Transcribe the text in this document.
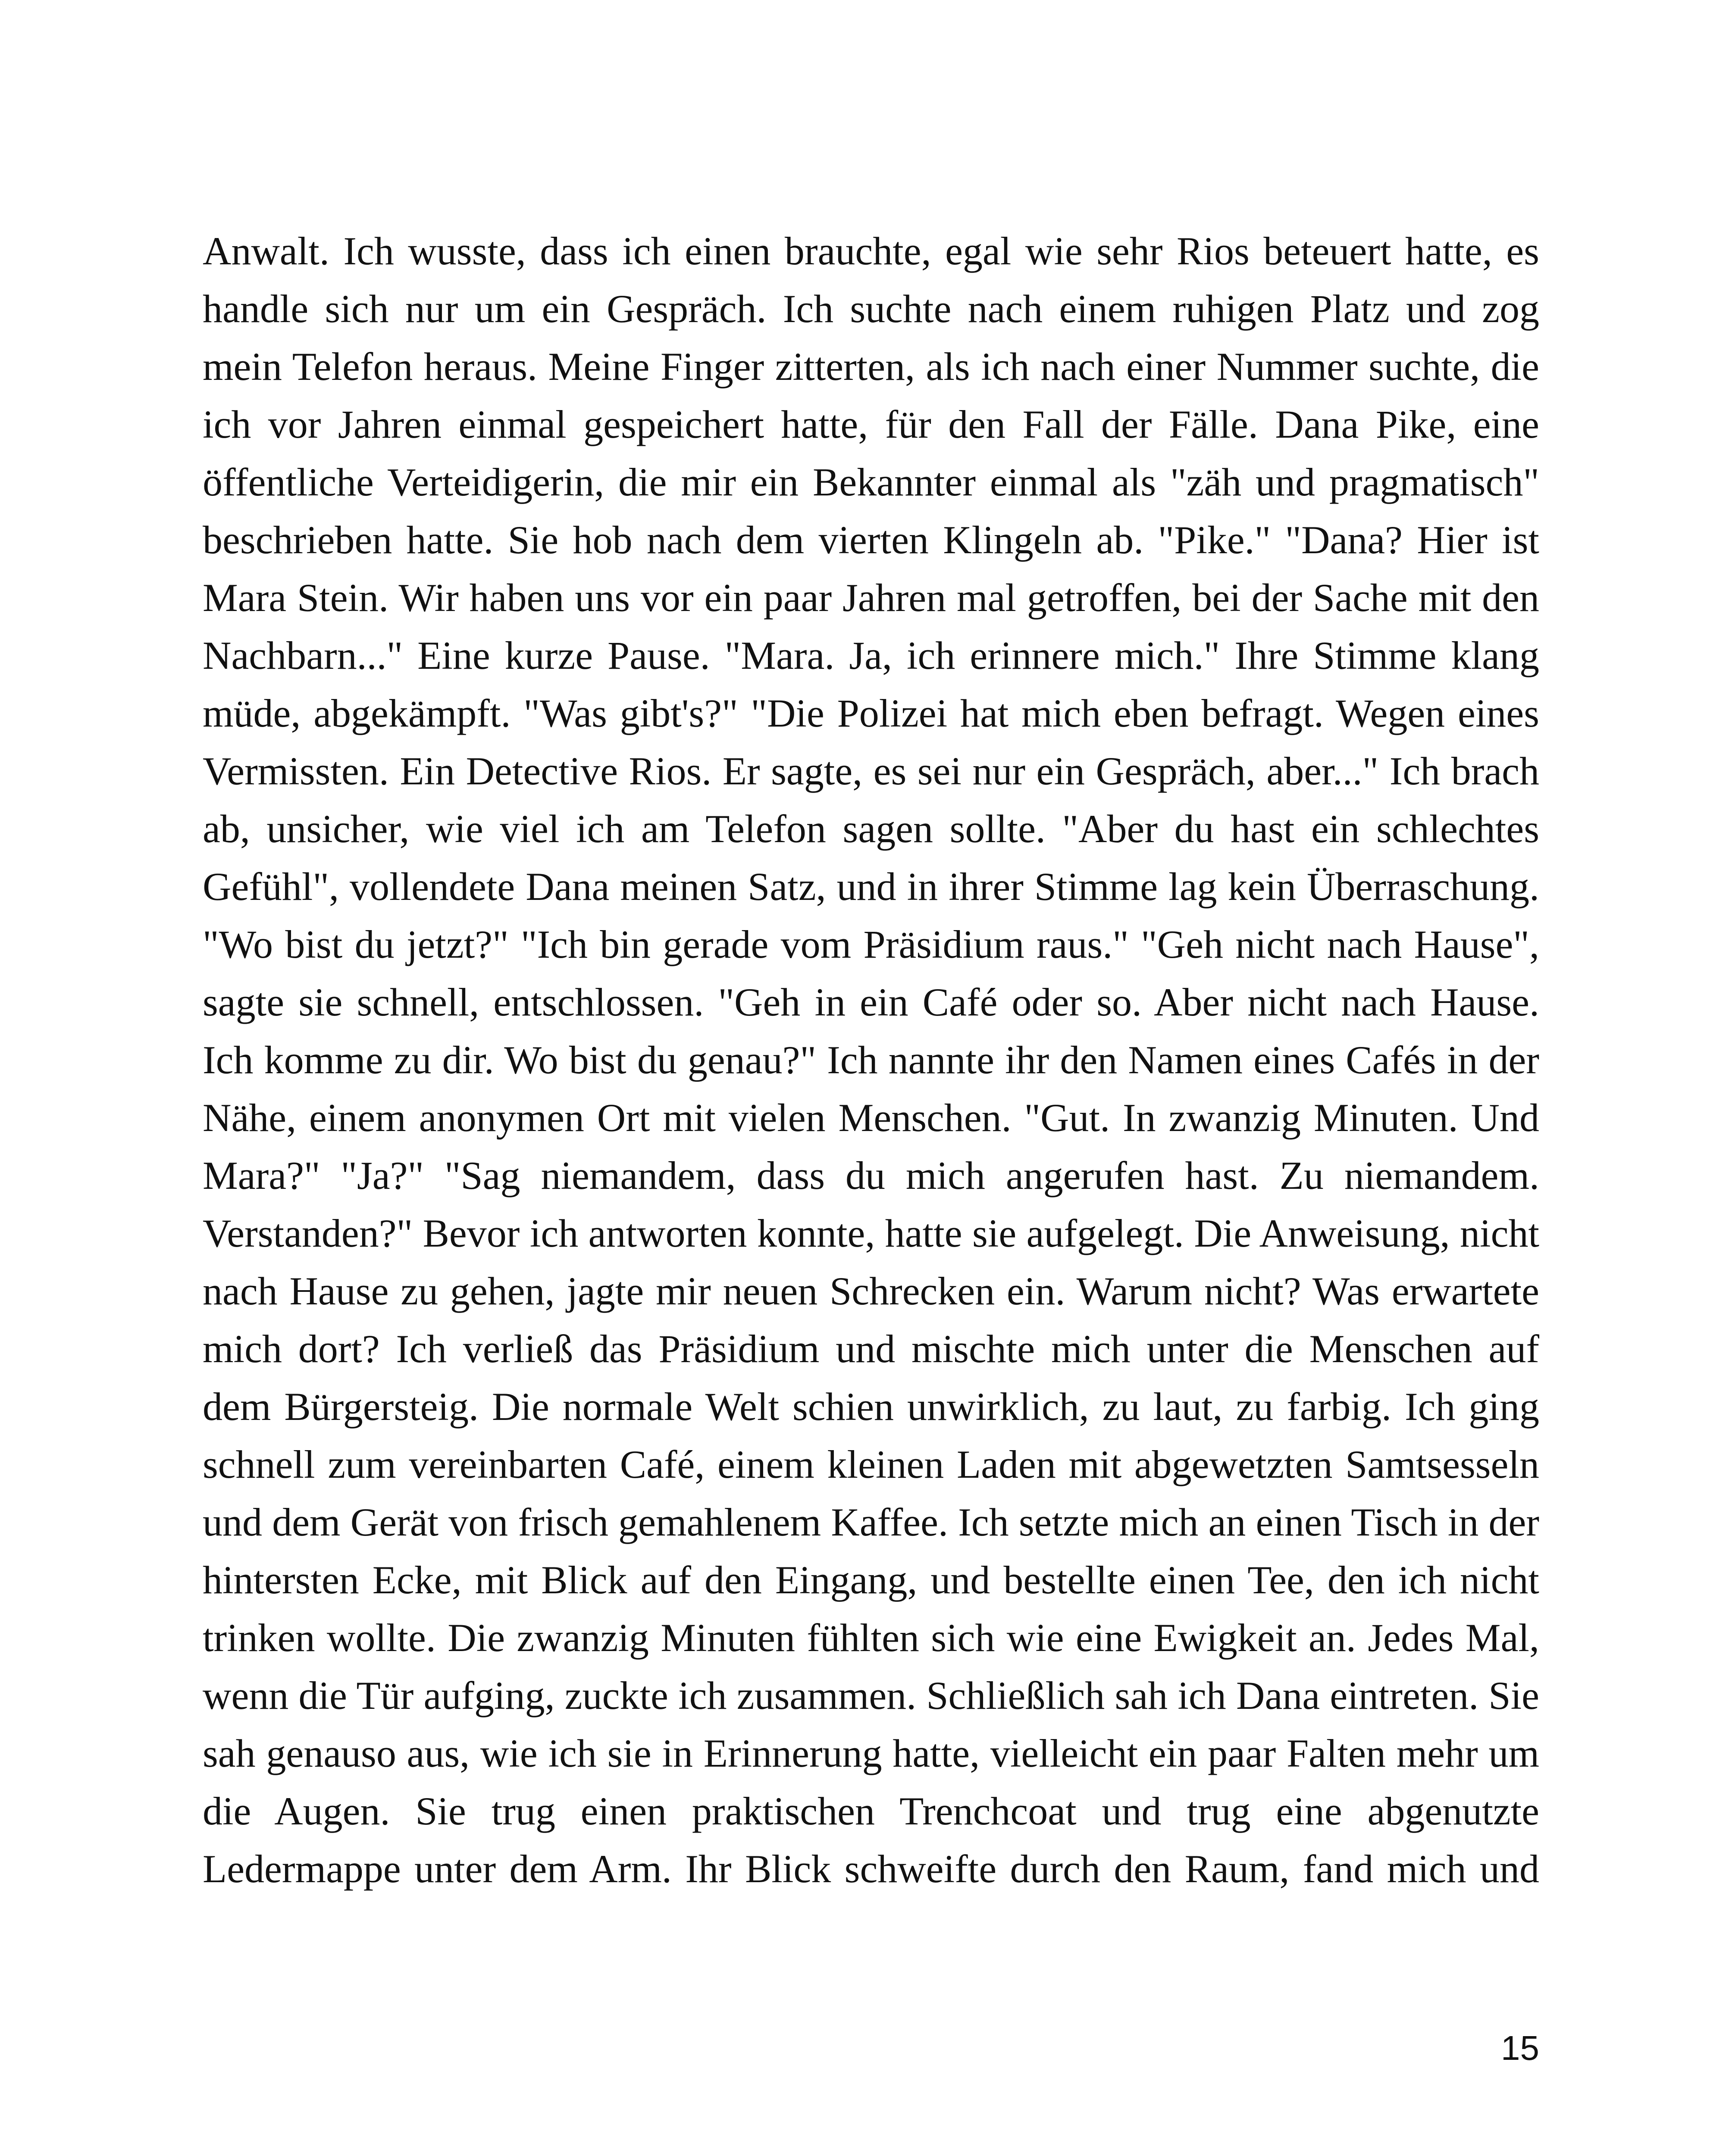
Anwalt. Ich wusste, dass ich einen brauchte, egal wie sehr Rios beteuert hatte, es handle sich nur um ein Gespräch. Ich suchte nach einem ruhigen Platz und zog mein Telefon heraus. Meine Finger zitterten, als ich nach einer Nummer suchte, die ich vor Jahren einmal gespeichert hatte, für den Fall der Fälle. Dana Pike, eine öffentliche Verteidigerin, die mir ein Bekannter einmal als "zäh und pragmatisch" beschrieben hatte. Sie hob nach dem vierten Klingeln ab. "Pike." "Dana? Hier ist Mara Stein. Wir haben uns vor ein paar Jahren mal getroffen, bei der Sache mit den Nachbarn..." Eine kurze Pause. "Mara. Ja, ich erinnere mich." Ihre Stimme klang müde, abgekämpft. "Was gibt's?" "Die Polizei hat mich eben befragt. Wegen eines Vermissten. Ein Detective Rios. Er sagte, es sei nur ein Gespräch, aber..." Ich brach ab, unsicher, wie viel ich am Telefon sagen sollte. "Aber du hast ein schlechtes Gefühl", vollendete Dana meinen Satz, und in ihrer Stimme lag kein Überraschung. "Wo bist du jetzt?" "Ich bin gerade vom Präsidium raus." "Geh nicht nach Hause", sagte sie schnell, entschlossen. "Geh in ein Café oder so. Aber nicht nach Hause. Ich komme zu dir. Wo bist du genau?" Ich nannte ihr den Namen eines Cafés in der Nähe, einem anonymen Ort mit vielen Menschen. "Gut. In zwanzig Minuten. Und Mara?" "Ja?" "Sag niemandem, dass du mich angerufen hast. Zu niemandem. Verstanden?" Bevor ich antworten konnte, hatte sie aufgelegt. Die Anweisung, nicht nach Hause zu gehen, jagte mir neuen Schrecken ein. Warum nicht? Was erwartete mich dort? Ich verließ das Präsidium und mischte mich unter die Menschen auf dem Bürgersteig. Die normale Welt schien unwirklich, zu laut, zu farbig. Ich ging schnell zum vereinbarten Café, einem kleinen Laden mit abgewetzten Samtsesseln und dem Gerät von frisch gemahlenem Kaffee. Ich setzte mich an einen Tisch in der hintersten Ecke, mit Blick auf den Eingang, und bestellte einen Tee, den ich nicht trinken wollte. Die zwanzig Minuten fühlten sich wie eine Ewigkeit an. Jedes Mal, wenn die Tür aufging, zuckte ich zusammen. Schließlich sah ich Dana eintreten. Sie sah genauso aus, wie ich sie in Erinnerung hatte, vielleicht ein paar Falten mehr um die Augen. Sie trug einen praktischen Trenchcoat und trug eine abgenutzte Ledermappe unter dem Arm. Ihr Blick schweifte durch den Raum, fand mich und

15
